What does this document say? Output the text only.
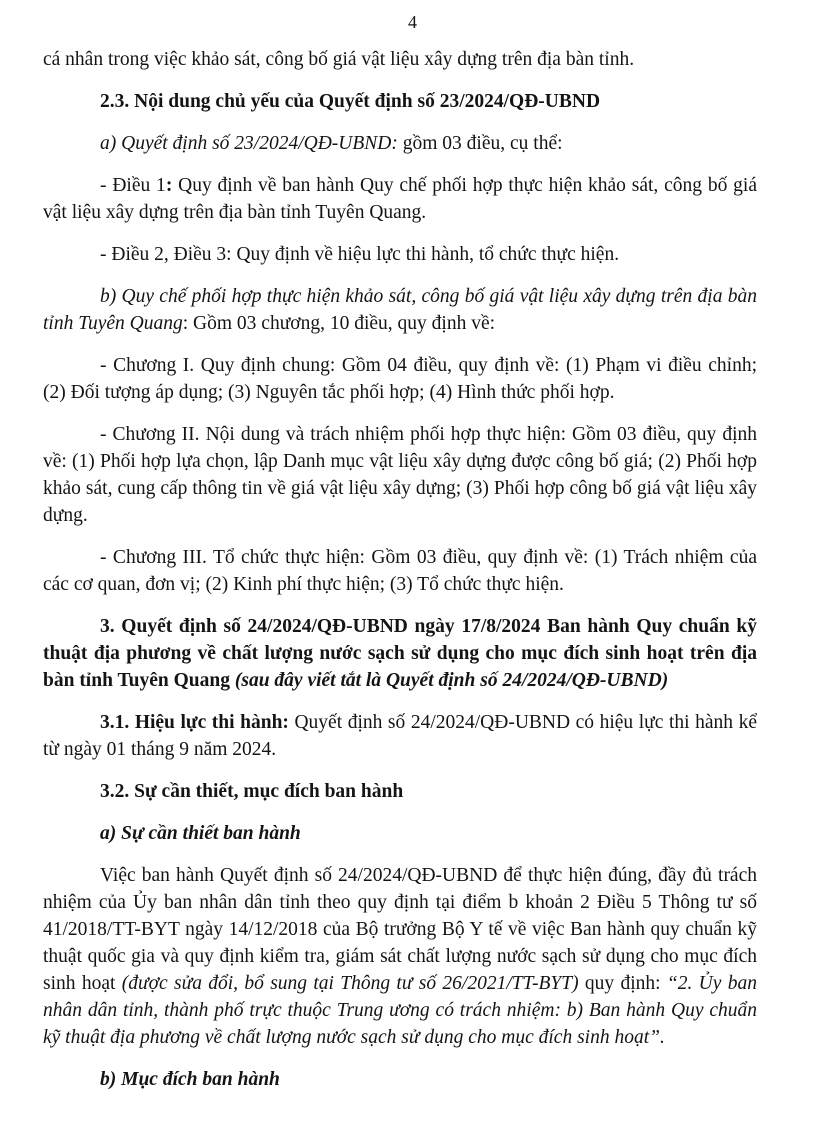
4

cá nhân trong việc khảo sát, công bố giá vật liệu xây dựng trên địa bàn tỉnh.

2.3. Nội dung chủ yếu của Quyết định số 23/2024/QĐ-UBND

a) Quyết định số 23/2024/QĐ-UBND: gồm 03 điều, cụ thể:

- Điều 1: Quy định về ban hành Quy chế phối hợp thực hiện khảo sát, công bố giá vật liệu xây dựng trên địa bàn tỉnh Tuyên Quang.

- Điều 2, Điều 3: Quy định về hiệu lực thi hành, tổ chức thực hiện.

b) Quy chế phối hợp thực hiện khảo sát, công bố giá vật liệu xây dựng trên địa bàn tỉnh Tuyên Quang: Gồm 03 chương, 10 điều, quy định về:

- Chương I. Quy định chung: Gồm 04 điều, quy định về: (1) Phạm vi điều chỉnh; (2) Đối tượng áp dụng; (3) Nguyên tắc phối hợp; (4) Hình thức phối hợp.

- Chương II. Nội dung và trách nhiệm phối hợp thực hiện: Gồm 03 điều, quy định về: (1) Phối hợp lựa chọn, lập Danh mục vật liệu xây dựng được công bố giá; (2) Phối hợp khảo sát, cung cấp thông tin về giá vật liệu xây dựng; (3) Phối hợp công bố giá vật liệu xây dựng.

- Chương III. Tổ chức thực hiện: Gồm 03 điều, quy định về: (1) Trách nhiệm của các cơ quan, đơn vị; (2) Kinh phí thực hiện; (3) Tổ chức thực hiện.

3. Quyết định số 24/2024/QĐ-UBND ngày 17/8/2024 Ban hành Quy chuẩn kỹ thuật địa phương về chất lượng nước sạch sử dụng cho mục đích sinh hoạt trên địa bàn tỉnh Tuyên Quang (sau đây viết tắt là Quyết định số 24/2024/QĐ-UBND)

3.1. Hiệu lực thi hành: Quyết định số 24/2024/QĐ-UBND có hiệu lực thi hành kể từ ngày 01 tháng 9 năm 2024.

3.2. Sự cần thiết, mục đích ban hành

a) Sự cần thiết ban hành

Việc ban hành Quyết định số 24/2024/QĐ-UBND để thực hiện đúng, đầy đủ trách nhiệm của Ủy ban nhân dân tỉnh theo quy định tại điểm b khoản 2 Điều 5 Thông tư số 41/2018/TT-BYT ngày 14/12/2018 của Bộ trưởng Bộ Y tế về việc Ban hành quy chuẩn kỹ thuật quốc gia và quy định kiểm tra, giám sát chất lượng nước sạch sử dụng cho mục đích sinh hoạt (được sửa đổi, bổ sung tại Thông tư số 26/2021/TT-BYT) quy định: “2. Ủy ban nhân dân tỉnh, thành phố trực thuộc Trung ương có trách nhiệm: b) Ban hành Quy chuẩn kỹ thuật địa phương về chất lượng nước sạch sử dụng cho mục đích sinh hoạt”.

b) Mục đích ban hành
